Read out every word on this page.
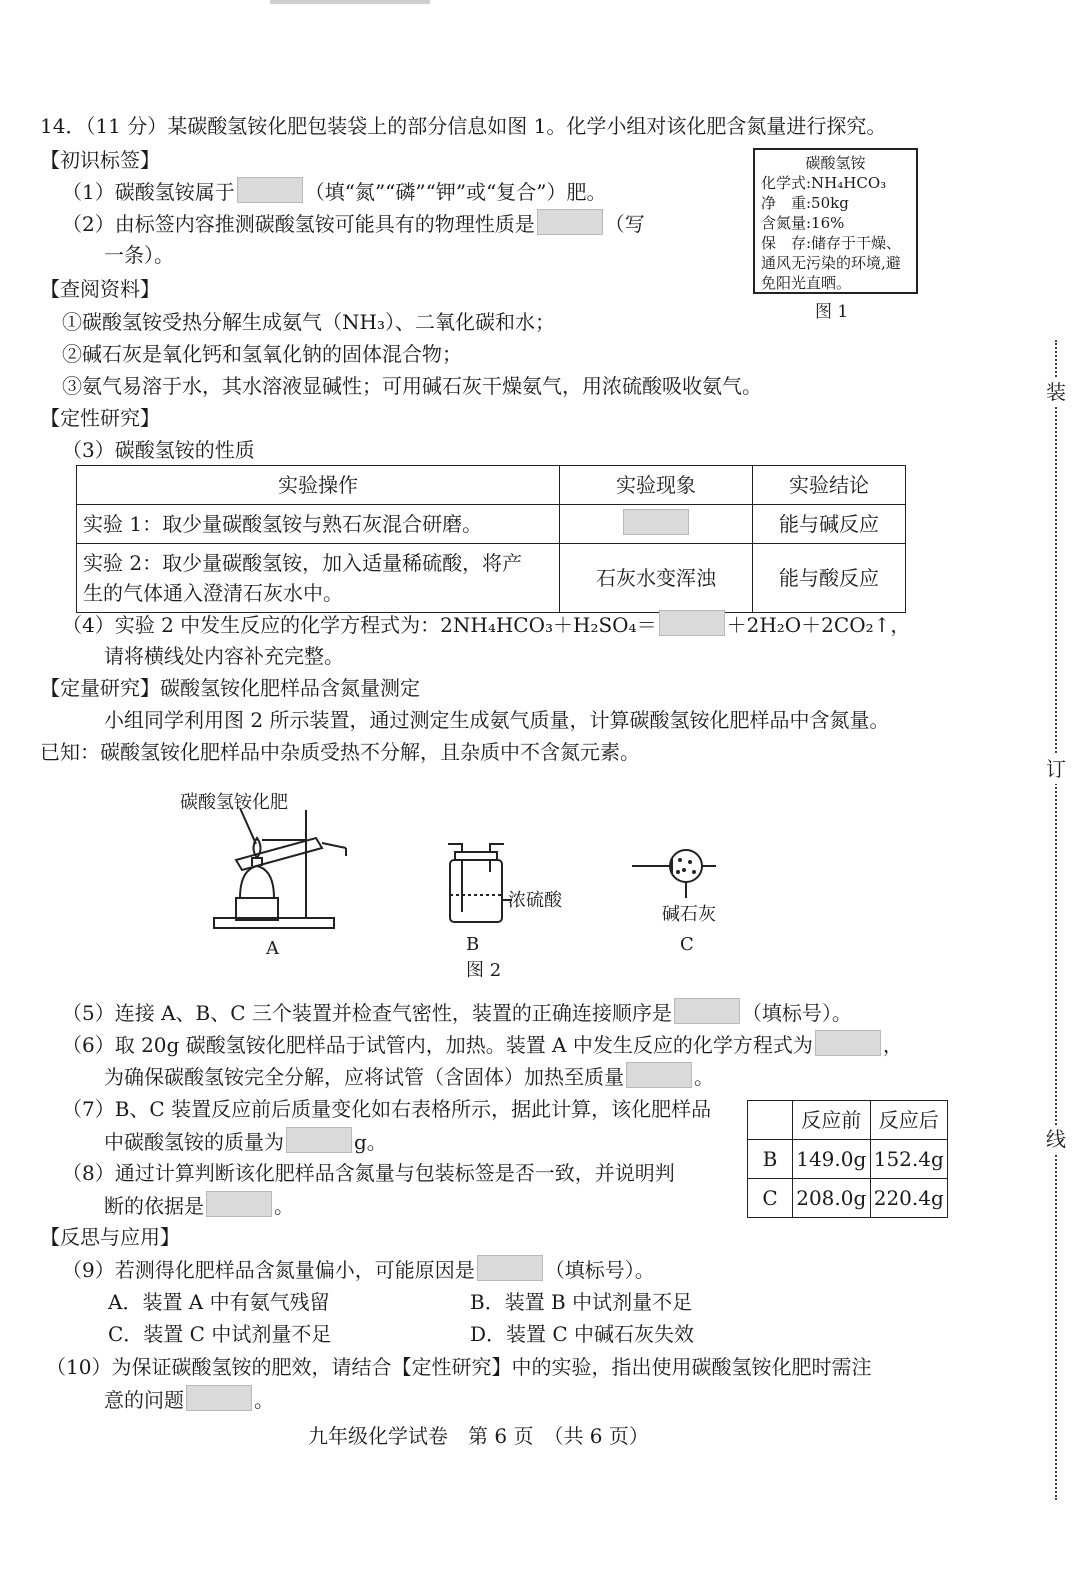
14．（11 分）某碳酸氢铵化肥包装袋上的部分信息如图 1。化学小组对该化肥含氮量进行探究。
【初识标签】
（1）碳酸氢铵属于	（填“氮”“磷”“钾”或“复合”）肥。
（2）由标签内容推测碳酸氢铵可能具有的物理性质是	（写
一条）。
碳酸氢铵
化学式:NH₄HCO₃
净　重:50kg
含氮量:16%
保　存:储存于干燥、
通风无污染的环境,避
免阳光直晒。
图 1
【查阅资料】
①碳酸氢铵受热分解生成氨气（NH₃）、二氧化碳和水；
②碱石灰是氧化钙和氢氧化钠的固体混合物；
③氨气易溶于水，其水溶液显碱性；可用碱石灰干燥氨气，用浓硫酸吸收氨气。
【定性研究】
（3）碳酸氢铵的性质
实验操作	实验现象	实验结论
实验 1：取少量碳酸氢铵与熟石灰混合研磨。		能与碱反应

实验 2：取少量碳酸氢铵，加入适量稀硫酸，将产
生的气体通入澄清石灰水中。	石灰水变浑浊	能与酸反应
（4）实验 2 中发生反应的化学方程式为：2NH₄HCO₃＋H₂SO₄＝	＋2H₂O＋2CO₂↑，
请将横线处内容补充完整。
【定量研究】碳酸氢铵化肥样品含氮量测定
小组同学利用图 2 所示装置，通过测定生成氨气质量，计算碳酸氢铵化肥样品中含氮量。
已知：碳酸氢铵化肥样品中杂质受热不分解，且杂质中不含氮元素。
碳酸氢铵化肥
浓硫酸
碱石灰
A	B	C
图 2
（5）连接 A、B、C 三个装置并检查气密性，装置的正确连接顺序是	（填标号）。
（6）取 20g 碳酸氢铵化肥样品于试管内，加热。装置 A 中发生反应的化学方程式为	，
为确保碳酸氢铵完全分解，应将试管（含固体）加热至质量	。
（7）B、C 装置反应前后质量变化如右表格所示，据此计算，该化肥样品
中碳酸氢铵的质量为	g。
（8）通过计算判断该化肥样品含氮量与包装标签是否一致，并说明判
断的依据是	。
	反应前	反应后
B	149.0g	152.4g
C	208.0g	220.4g
【反思与应用】
（9）若测得化肥样品含氮量偏小，可能原因是	（填标号）。
A．装置 A 中有氨气残留	B．装置 B 中试剂量不足
C．装置 C 中试剂量不足	D．装置 C 中碱石灰失效
（10）为保证碳酸氢铵的肥效，请结合【定性研究】中的实验，指出使用碳酸氢铵化肥时需注
意的问题	。
九年级化学试卷　第 6 页　（共 6 页）
装
订
线
